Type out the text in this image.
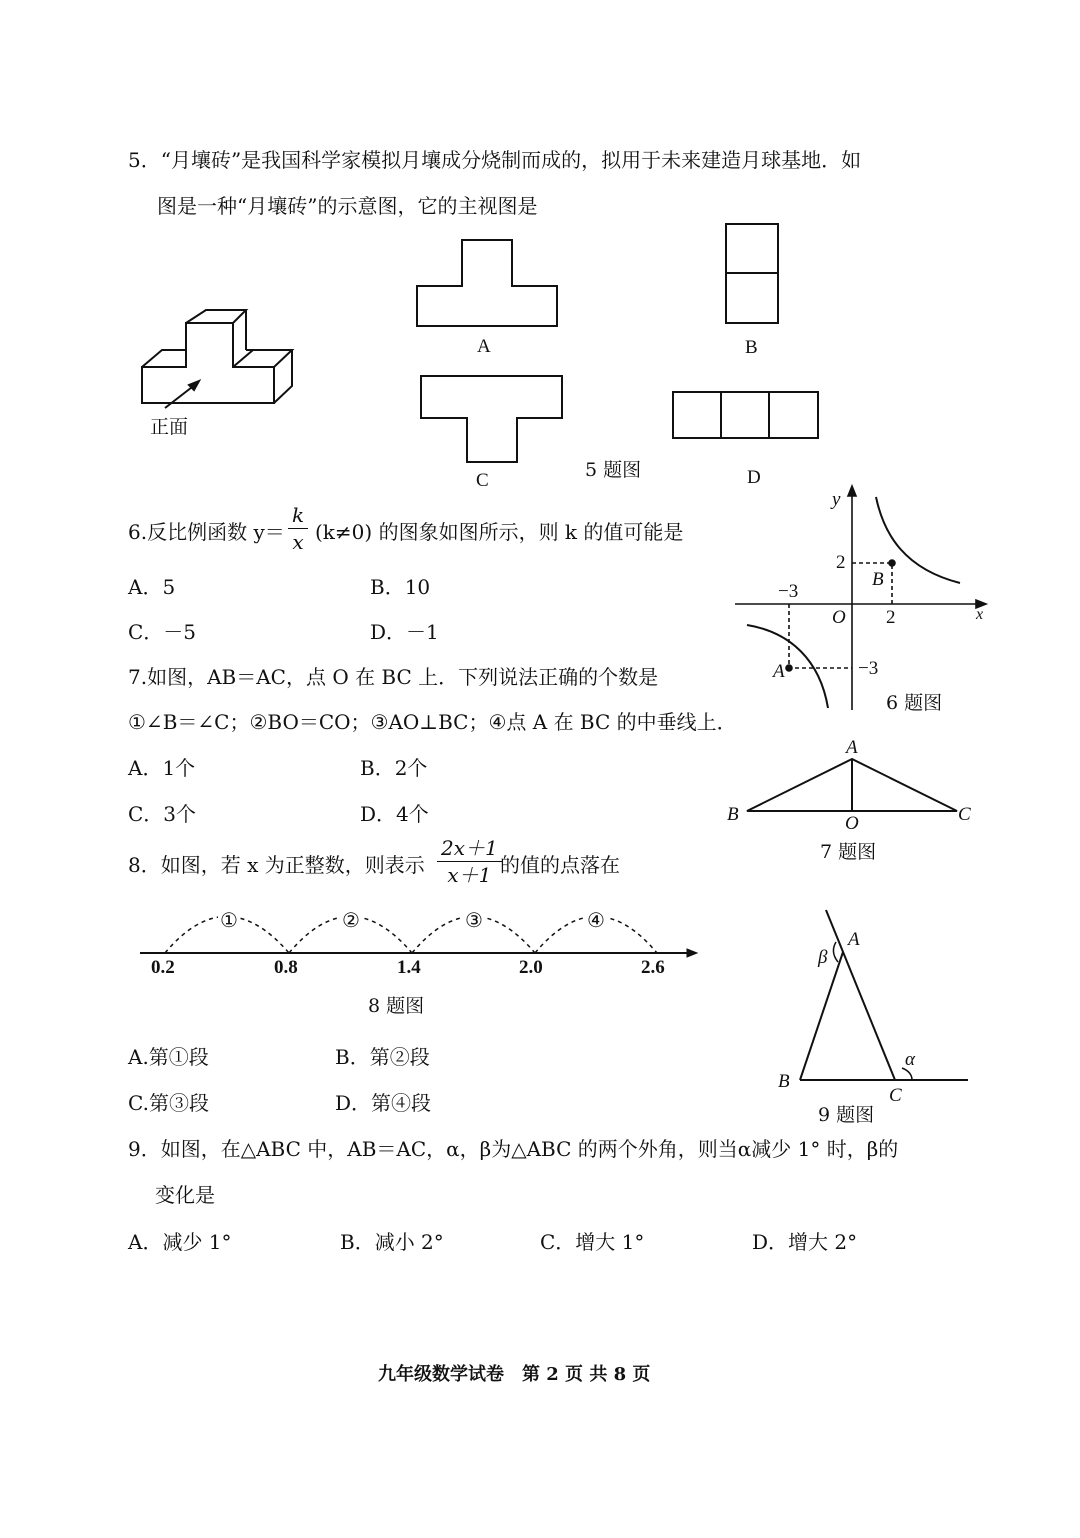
5．“月壤砖”是我国科学家模拟月壤成分烧制而成的，拟用于未来建造月球基地．如
图是一种“月壤砖”的示意图，它的主视图是
正面
A	B
C	D
5 题图
6.反比例函数 $y= \frac{k}{x} (k\ne 0)$ 的图象如图所示，则 k 的值可能是
A．5	B．10
C．－5	D．－1
y
x
O
2
2
−3
−3
B
A
6 题图
7.如图，AB＝AC，点 O 在 BC 上．下列说法正确的个数是
①∠B＝∠C；②BO＝CO；③AO⊥BC；④点 A 在 BC 的中垂线上．
A．1个	B．2个
C．3个	D．4个
A
B	C
O
7 题图
8．如图，若 x 为正整数，则表示 $\frac{2x+1}{x+1}$
的值的点落在
0.2	0.8	1.4	2.0	2.6
①	②	③	④
8 题图
A.第①段	B．第②段
C.第③段	D．第④段
A
β
B
C
α
9 题图
9．如图，在△ABC 中，AB＝AC，α，β为△ABC 的两个外角，则当α减少 1° 时，β的
变化是
A．减少 1°	B．减小 2°	C．增大 1°	D．增大 2°
九年级数学试卷　第 2 页 共 8 页
